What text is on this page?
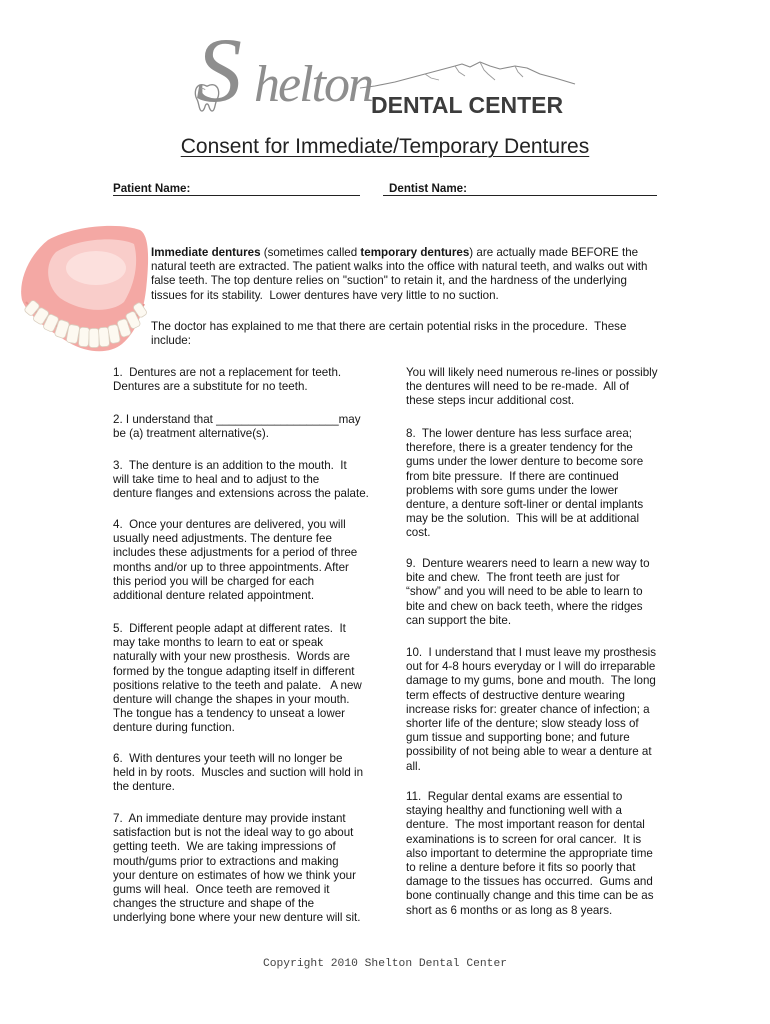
Shelton DENTAL CENTER
Consent for Immediate/Temporary Dentures
Patient Name:	Dentist Name:

Immediate dentures (sometimes called temporary dentures) are actually made BEFORE the
natural teeth are extracted. The patient walks into the office with natural teeth, and walks out with
false teeth. The top denture relies on "suction" to retain it, and the hardness of the underlying
tissues for its stability.  Lower dentures have very little to no suction.

The doctor has explained to me that there are certain potential risks in the procedure.  These
include:

1.  Dentures are not a replacement for teeth.
Dentures are a substitute for no teeth.

2. I understand that ___________________may
be (a) treatment alternative(s).

3.  The denture is an addition to the mouth.  It
will take time to heal and to adjust to the
denture flanges and extensions across the palate.

4.  Once your dentures are delivered, you will
usually need adjustments. The denture fee
includes these adjustments for a period of three
months and/or up to three appointments. After
this period you will be charged for each
additional denture related appointment.

5.  Different people adapt at different rates.  It
may take months to learn to eat or speak
naturally with your new prosthesis.  Words are
formed by the tongue adapting itself in different
positions relative to the teeth and palate.   A new
denture will change the shapes in your mouth.
The tongue has a tendency to unseat a lower
denture during function.

6.  With dentures your teeth will no longer be
held in by roots.  Muscles and suction will hold in
the denture.

7.  An immediate denture may provide instant
satisfaction but is not the ideal way to go about
getting teeth.  We are taking impressions of
mouth/gums prior to extractions and making
your denture on estimates of how we think your
gums will heal.  Once teeth are removed it
changes the structure and shape of the
underlying bone where your new denture will sit.

You will likely need numerous re-lines or possibly
the dentures will need to be re-made.  All of
these steps incur additional cost.

8.  The lower denture has less surface area;
therefore, there is a greater tendency for the
gums under the lower denture to become sore
from bite pressure.  If there are continued
problems with sore gums under the lower
denture, a denture soft-liner or dental implants
may be the solution.  This will be at additional
cost.

9.  Denture wearers need to learn a new way to
bite and chew.  The front teeth are just for
“show” and you will need to be able to learn to
bite and chew on back teeth, where the ridges
can support the bite.

10.  I understand that I must leave my prosthesis
out for 4-8 hours everyday or I will do irreparable
damage to my gums, bone and mouth.  The long
term effects of destructive denture wearing
increase risks for: greater chance of infection; a
shorter life of the denture; slow steady loss of
gum tissue and supporting bone; and future
possibility of not being able to wear a denture at
all.

11.  Regular dental exams are essential to
staying healthy and functioning well with a
denture.  The most important reason for dental
examinations is to screen for oral cancer.  It is
also important to determine the appropriate time
to reline a denture before it fits so poorly that
damage to the tissues has occurred.  Gums and
bone continually change and this time can be as
short as 6 months or as long as 8 years.

Copyright 2010 Shelton Dental Center
